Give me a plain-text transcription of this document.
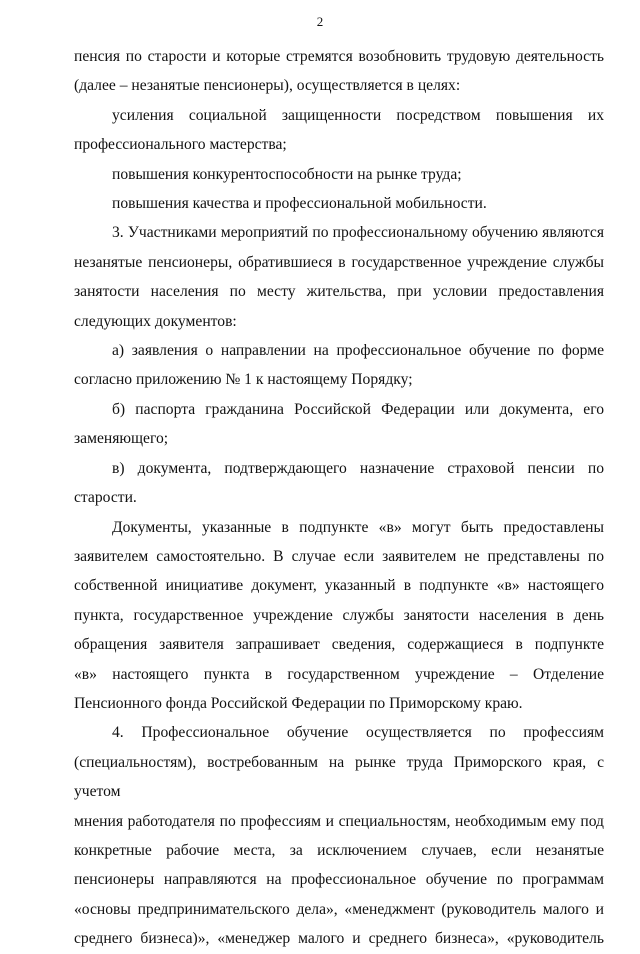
2

пенсия по старости и которые стремятся возобновить трудовую деятельность

(далее – незанятые пенсионеры), осуществляется в целях:

усиления социальной защищенности посредством повышения их

профессионального мастерства;

повышения конкурентоспособности на рынке труда;

повышения качества и профессиональной мобильности.

3. Участниками мероприятий по профессиональному обучению являются

незанятые пенсионеры, обратившиеся в государственное учреждение службы

занятости населения по месту жительства, при условии предоставления

следующих документов:

а) заявления о направлении на профессиональное обучение по форме

согласно приложению № 1 к настоящему Порядку;

б) паспорта гражданина Российской Федерации или документа, его

заменяющего;

в) документа, подтверждающего назначение страховой пенсии по

старости.

Документы, указанные в подпункте «в» могут быть предоставлены

заявителем самостоятельно. В случае если заявителем не представлены по

собственной инициативе документ, указанный в подпункте «в» настоящего

пункта, государственное учреждение службы занятости населения в день

обращения заявителя запрашивает сведения, содержащиеся в подпункте

«в» настоящего пункта в государственном учреждение – Отделение

Пенсионного фонда Российской Федерации по Приморскому краю.

4. Профессиональное обучение осуществляется по профессиям

(специальностям), востребованным на рынке труда Приморского края, с учетом

мнения работодателя по профессиям и специальностям, необходимым ему под

конкретные рабочие места, за исключением случаев, если незанятые

пенсионеры направляются на профессиональное обучение по программам

«основы предпринимательского дела», «менеджмент (руководитель малого и

среднего бизнеса)», «менеджер малого и среднего бизнеса», «руководитель
